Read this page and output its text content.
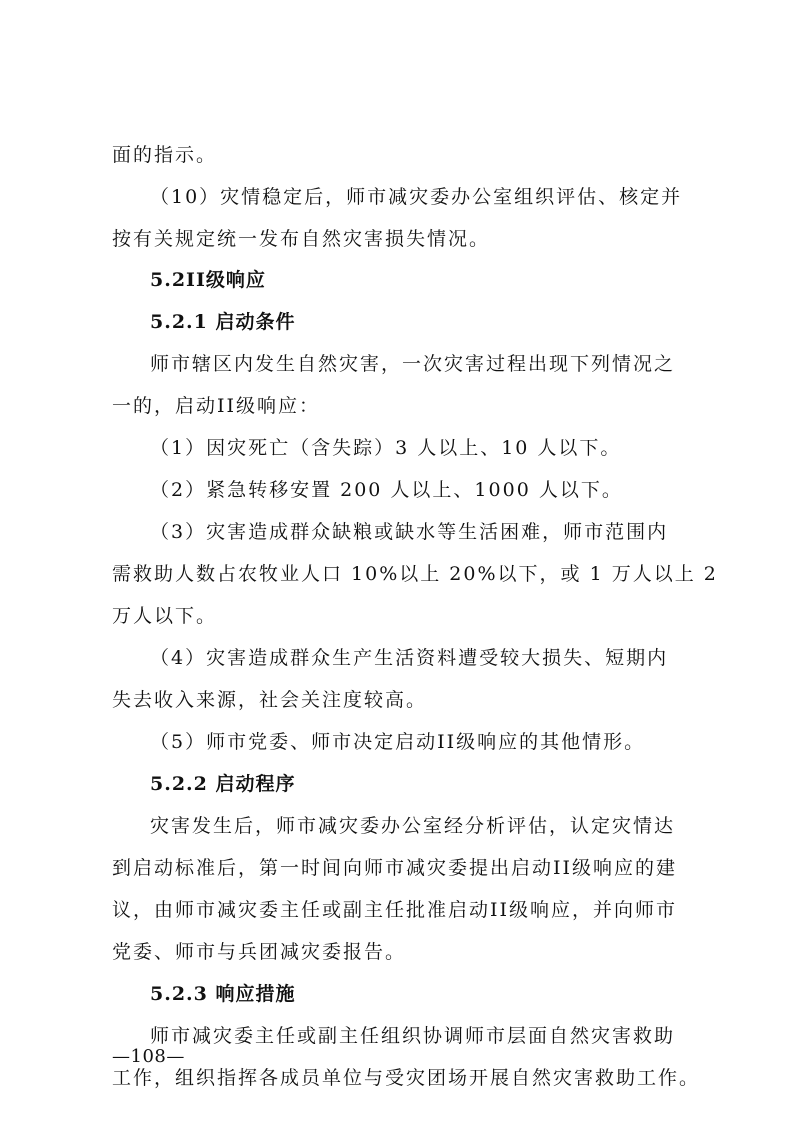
面的指示。
（10）灾情稳定后，师市减灾委办公室组织评估、核定并
按有关规定统一发布自然灾害损失情况。
5.2II级响应
5.2.1 启动条件
师市辖区内发生自然灾害，一次灾害过程出现下列情况之
一的，启动II级响应：
（1）因灾死亡（含失踪）3 人以上、10 人以下。
（2）紧急转移安置 200 人以上、1000 人以下。
（3）灾害造成群众缺粮或缺水等生活困难，师市范围内
需救助人数占农牧业人口 10%以上 20%以下，或 1 万人以上 2
万人以下。
（4）灾害造成群众生产生活资料遭受较大损失、短期内
失去收入来源，社会关注度较高。
（5）师市党委、师市决定启动II级响应的其他情形。
5.2.2 启动程序
灾害发生后，师市减灾委办公室经分析评估，认定灾情达
到启动标准后，第一时间向师市减灾委提出启动II级响应的建
议，由师市减灾委主任或副主任批准启动II级响应，并向师市
党委、师市与兵团减灾委报告。
5.2.3 响应措施
师市减灾委主任或副主任组织协调师市层面自然灾害救助
工作，组织指挥各成员单位与受灾团场开展自然灾害救助工作。
—108—
